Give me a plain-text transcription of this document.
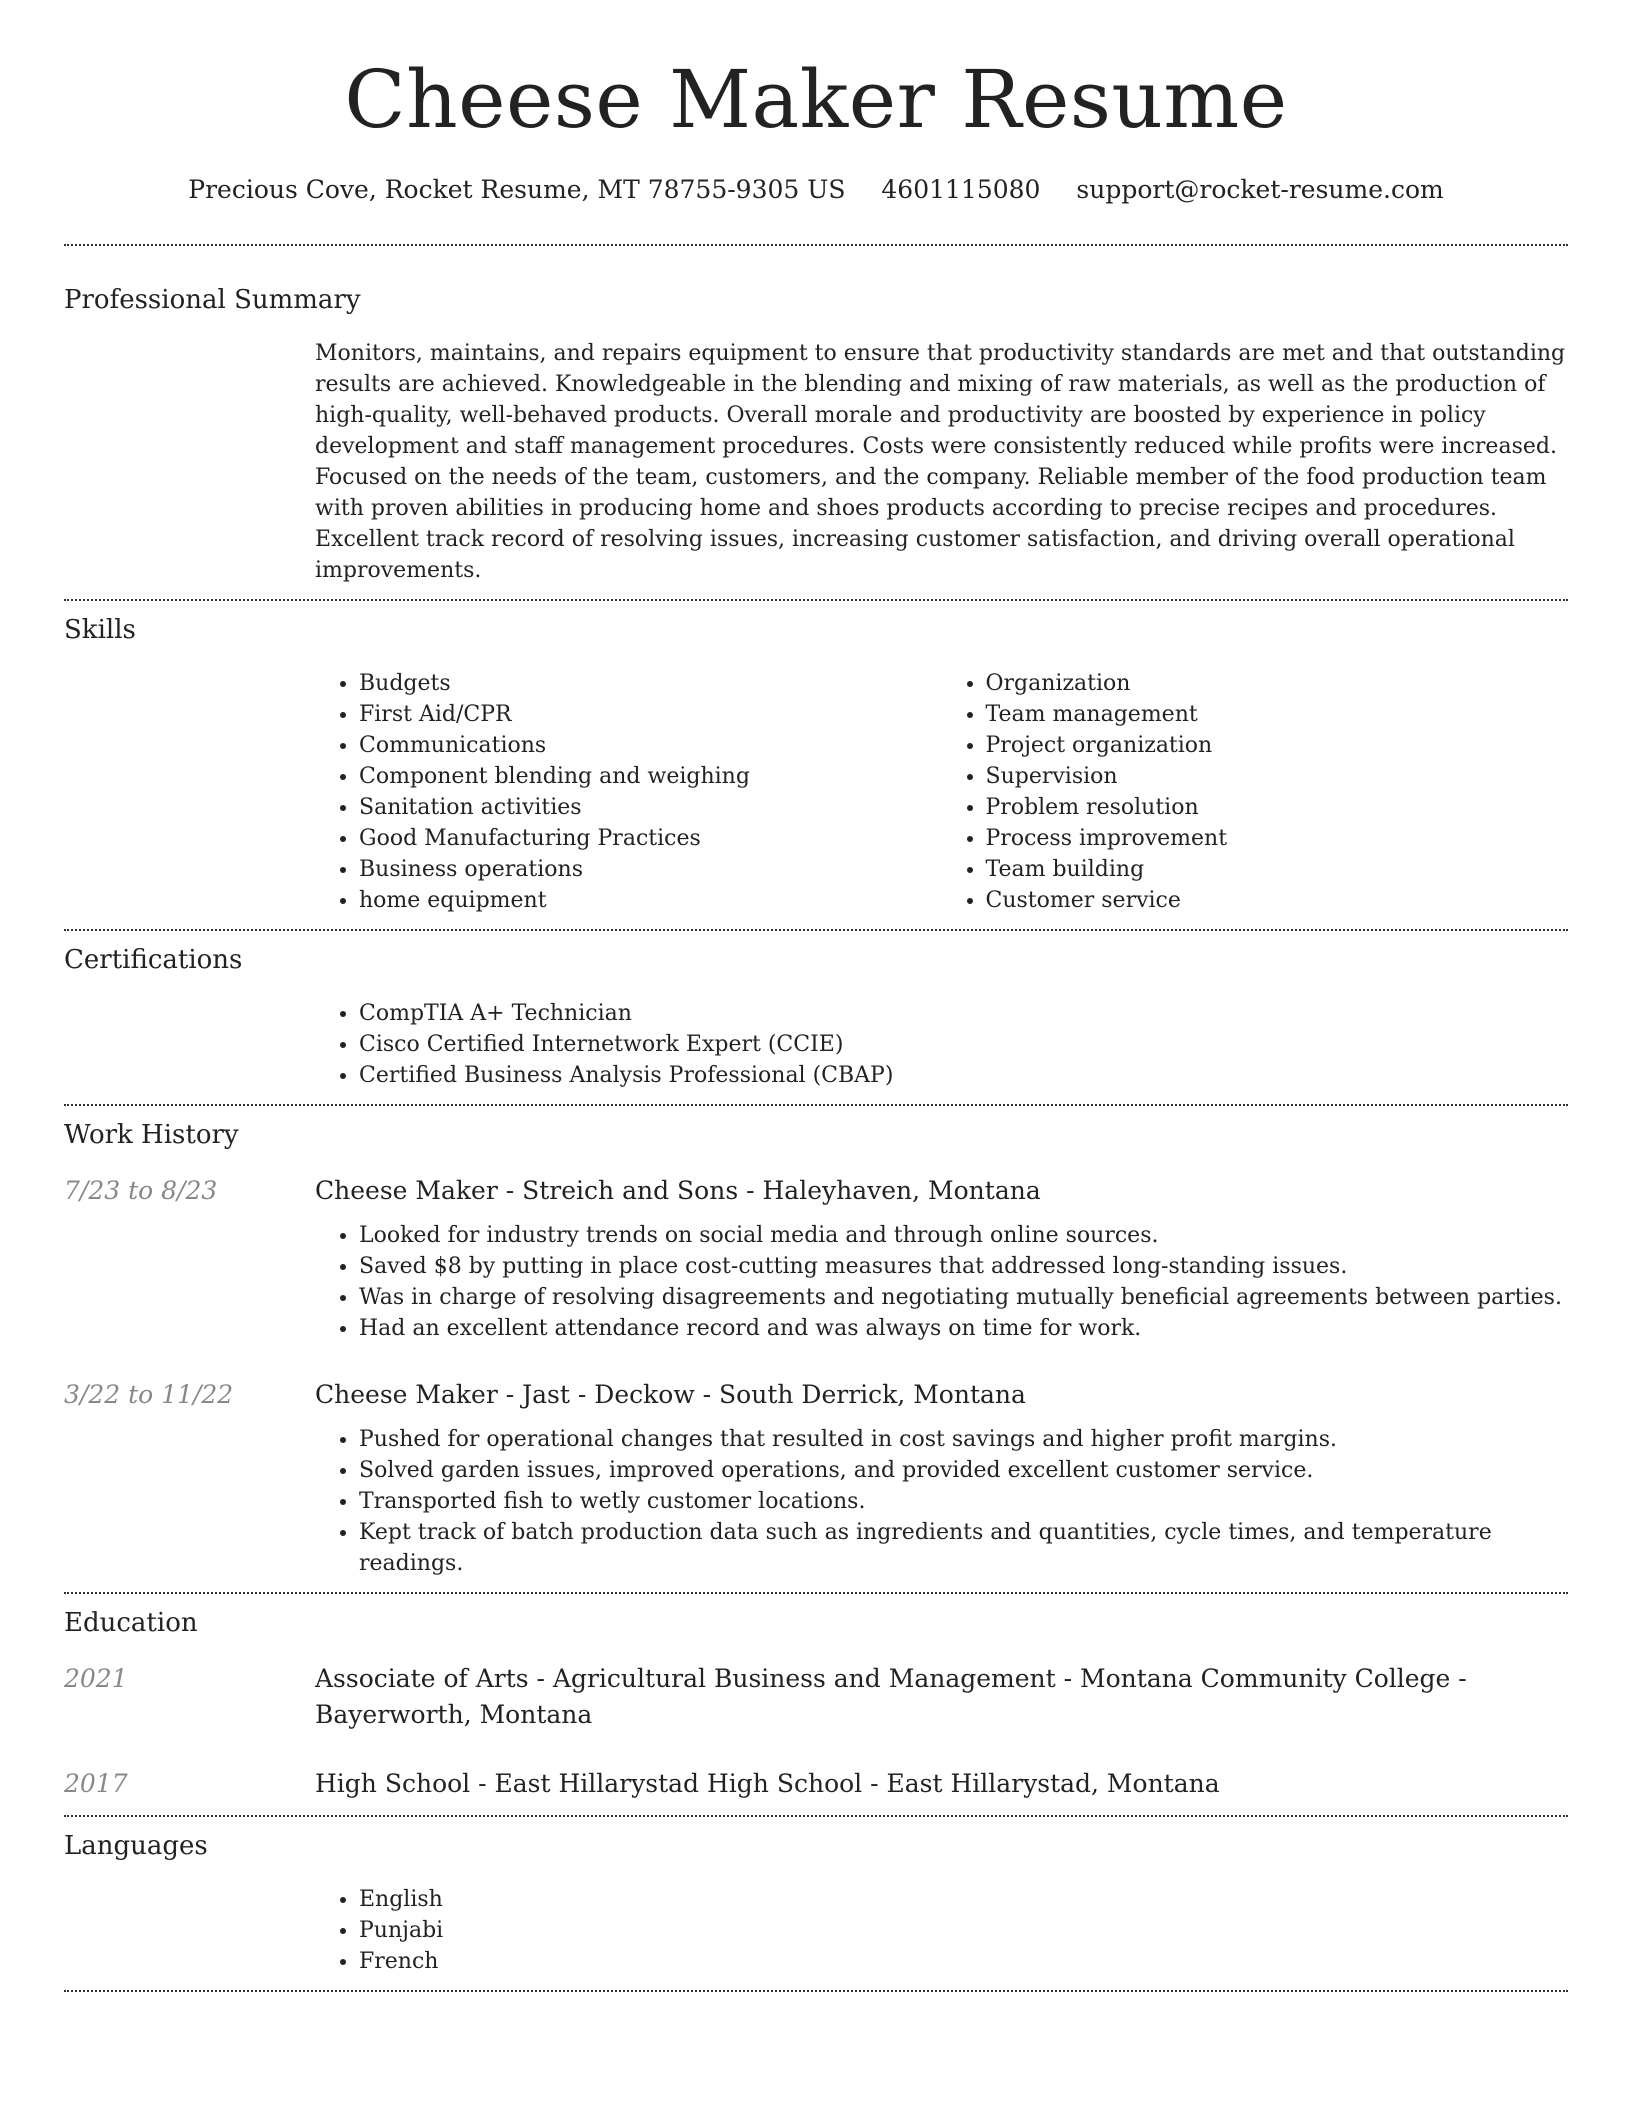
Cheese Maker Resume
Precious Cove, Rocket Resume, MT 78755-9305 US 4601115080 support@rocket-resume.com
Professional Summary

Monitors, maintains, and repairs equipment to ensure that productivity standards are met and that outstanding results are achieved. Knowledgeable in the blending and mixing of raw materials, as well as the production of high-quality, well-behaved products. Overall morale and productivity are boosted by experience in policy development and staff management procedures. Costs were consistently reduced while profits were increased. Focused on the needs of the team, customers, and the company. Reliable member of the food production team with proven abilities in producing home and shoes products according to precise recipes and procedures. Excellent track record of resolving issues, increasing customer satisfaction, and driving overall operational improvements.

Skills
• Budgets
• First Aid/CPR
• Communications
• Component blending and weighing
• Sanitation activities
• Good Manufacturing Practices
• Business operations
• home equipment
• Organization
• Team management
• Project organization
• Supervision
• Problem resolution
• Process improvement
• Team building
• Customer service
Certifications
• CompTIA A+ Technician
• Cisco Certified Internetwork Expert (CCIE)
• Certified Business Analysis Professional (CBAP)
Work History
7/23 to 8/23	Cheese Maker - Streich and Sons - Haleyhaven, Montana
• Looked for industry trends on social media and through online sources.
• Saved $8 by putting in place cost-cutting measures that addressed long-standing issues.
• Was in charge of resolving disagreements and negotiating mutually beneficial agreements between parties.
• Had an excellent attendance record and was always on time for work.
3/22 to 11/22	Cheese Maker - Jast - Deckow - South Derrick, Montana
• Pushed for operational changes that resulted in cost savings and higher profit margins.
• Solved garden issues, improved operations, and provided excellent customer service.
• Transported fish to wetly customer locations.
• Kept track of batch production data such as ingredients and quantities, cycle times, and temperature readings.
Education
2021	Associate of Arts - Agricultural Business and Management - Montana Community College - Bayerworth, Montana
2017	High School - East Hillarystad High School - East Hillarystad, Montana
Languages
• English
• Punjabi
• French
